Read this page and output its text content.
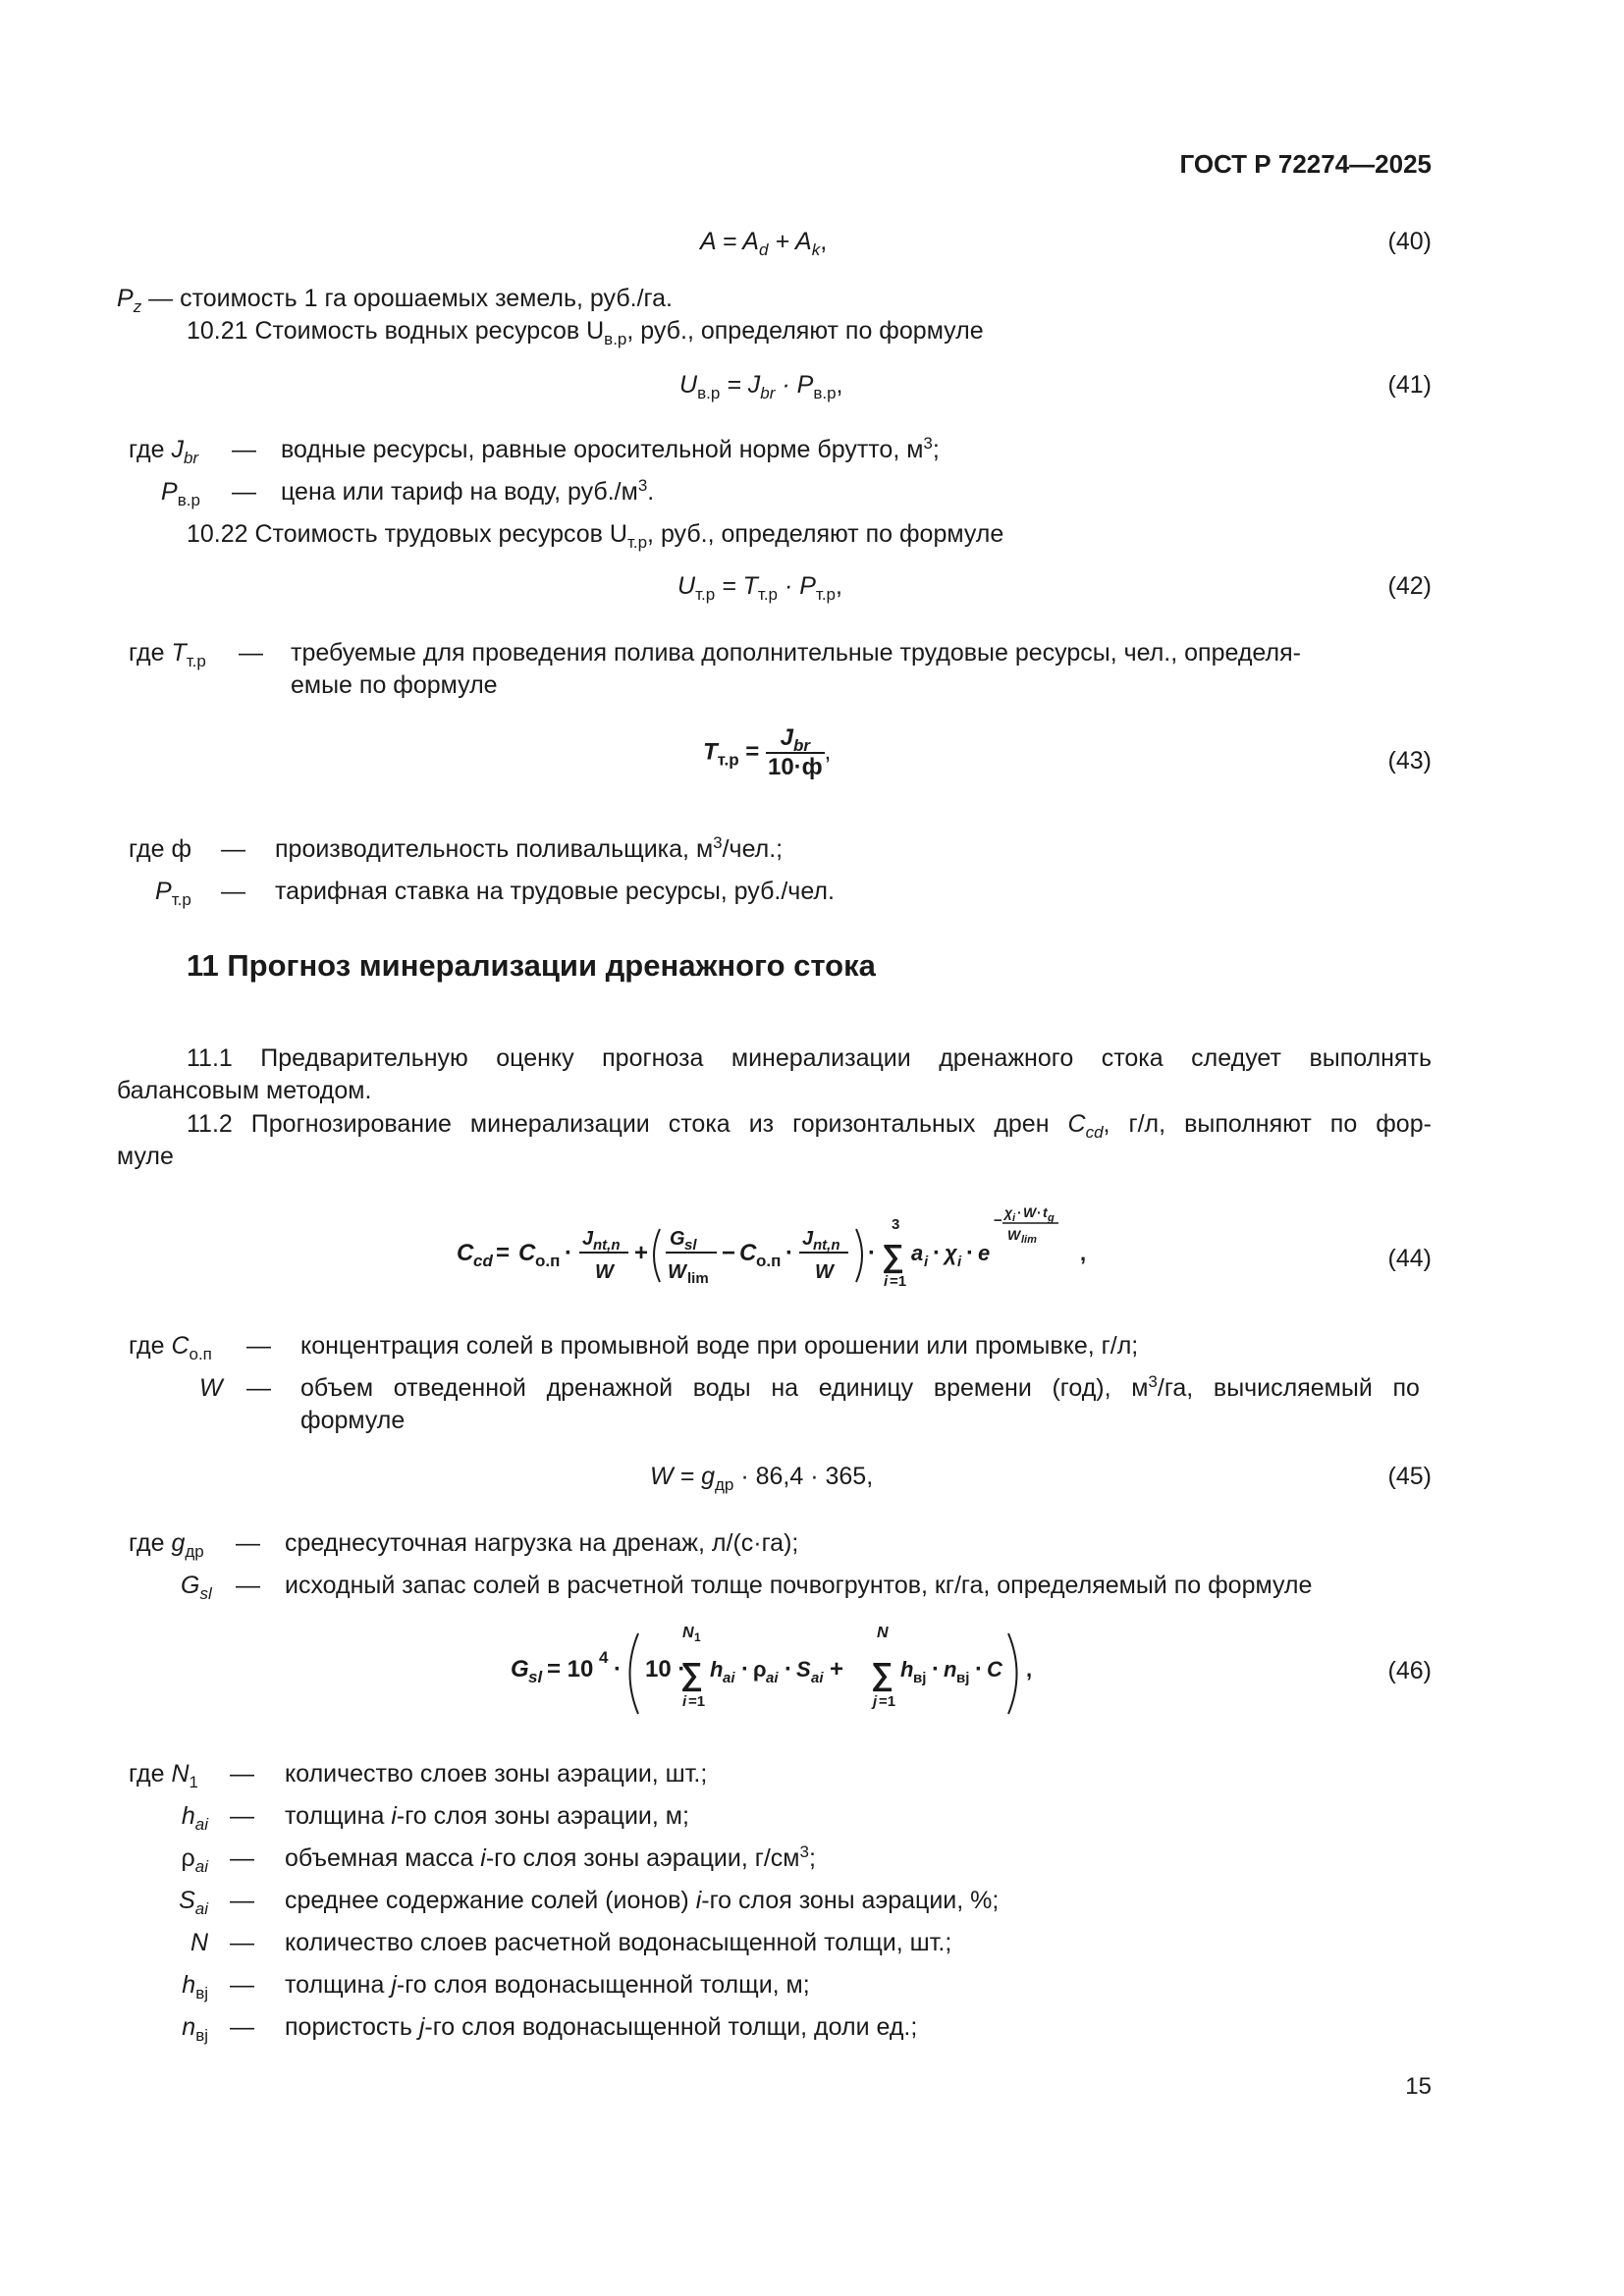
ГОСТ Р 72274—2025
$A = A_d + A_k$,	(40)
$P_z$ — стоимость 1 га орошаемых земель, руб./га.
10.21 Стоимость водных ресурсов $U_{в.р}$, руб., определяют по формуле
$U_{в.р} = J_{br} \cdot P_{в.р}$,	(41)
где $J_{br}$ — водные ресурсы, равные оросительной норме брутто, $м^3$;
$P_{в.р}$ — цена или тариф на воду, $руб./м^3$.
10.22 Стоимость трудовых ресурсов $U_{т.р}$, руб., определяют по формуле
$U_{т.р} = T_{т.р} \cdot P_{т.р}$,	(42)
где $T_{т.р}$ — требуемые для проведения полива дополнительные трудовые ресурсы, чел., определя-
емые по формуле
$T_{т.р}$ =
$J_{br}$
10·ф
,	(43)
где ф — производительность поливальщика, $м^3$/чел.;
$P_{т.р}$ — тарифная ставка на трудовые ресурсы, руб./чел.
11 Прогноз минерализации дренажного стока
11.1 Предварительную оценку прогноза минерализации дренажного стока следует выполнять
балансовым методом.
11.2 Прогнозирование минерализации стока из горизонтальных дрен $C_{cd}$, г/л, выполняют по фор-
муле
C cd = C о.п ·
J nt,n
W
+
G sl
W lim
− C о.п ·
J nt,n
W
·
3
∑
i =1
a i · χ i · e
− χ i · W · t g
W lim
,	(44)
где $C_{о.п}$ — концентрация солей в промывной воде при орошении или промывке, г/л;
W — объем отведенной дренажной воды на единицу времени (год), $м^3/га$, вычисляемый по
формуле
$W = g_{др} \cdot 86,4 \cdot 365$,	(45)
где $g_{др}$ — среднесуточная нагрузка на дренаж, л/(с·га);
$G_{sl}$ — исходный запас солей в расчетной толще почвогрунтов, кг/га, определяемый по формуле
G sl = 10 4 · 10 ·
N 1
∑
i =1
h ai · ρ ai · S ai +
N
∑
j =1
h вj · n вj · C ,	(46)
где $N_1$ — количество слоев зоны аэрации, шт.;
$h_{ai}$ — толщина i-го слоя зоны аэрации, м;
$\rho_{ai}$ — объемная масса i-го слоя зоны аэрации, $г/см^3$;
$S_{ai}$ — среднее содержание солей (ионов) i-го слоя зоны аэрации, %;
N — количество слоев расчетной водонасыщенной толщи, шт.;
$h_{вj}$ — толщина j-го слоя водонасыщенной толщи, м;
$n_{вj}$ — пористость j-го слоя водонасыщенной толщи, доли ед.;
15
